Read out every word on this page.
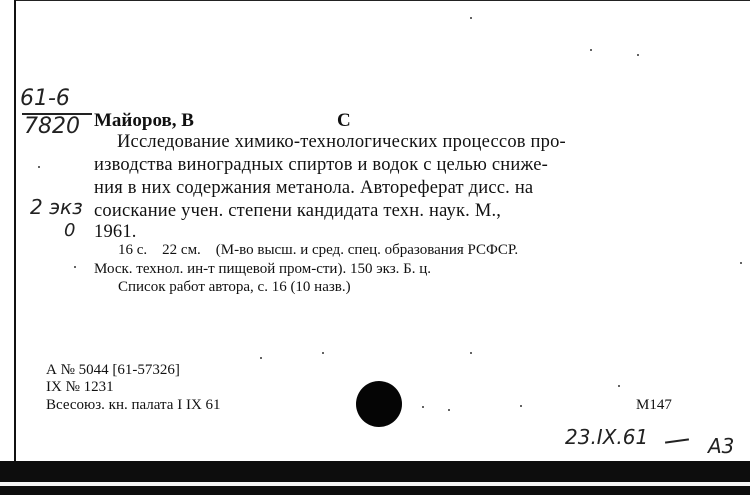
61-6
7820 Майоров, В	С
Исследование химико-технологических процессов про-
изводства виноградных спиртов и водок с целью сниже-
ния в них содержания метанола. Автореферат дисс. на
соискание учен. степени кандидата техн. наук. М.,
1961.
2 экз
0
16 с.    22 см.    (М-во высш. и сред. спец. образования РСФСР.
Моск. технол. ин-т пищевой пром-сти). 150 экз. Б. ц.
Список работ автора, с. 16 (10 назв.)
А № 5044 [61-57326]
IX № 1231
Всесоюз. кн. палата I IX 61	М147
23.IX.61	A3
